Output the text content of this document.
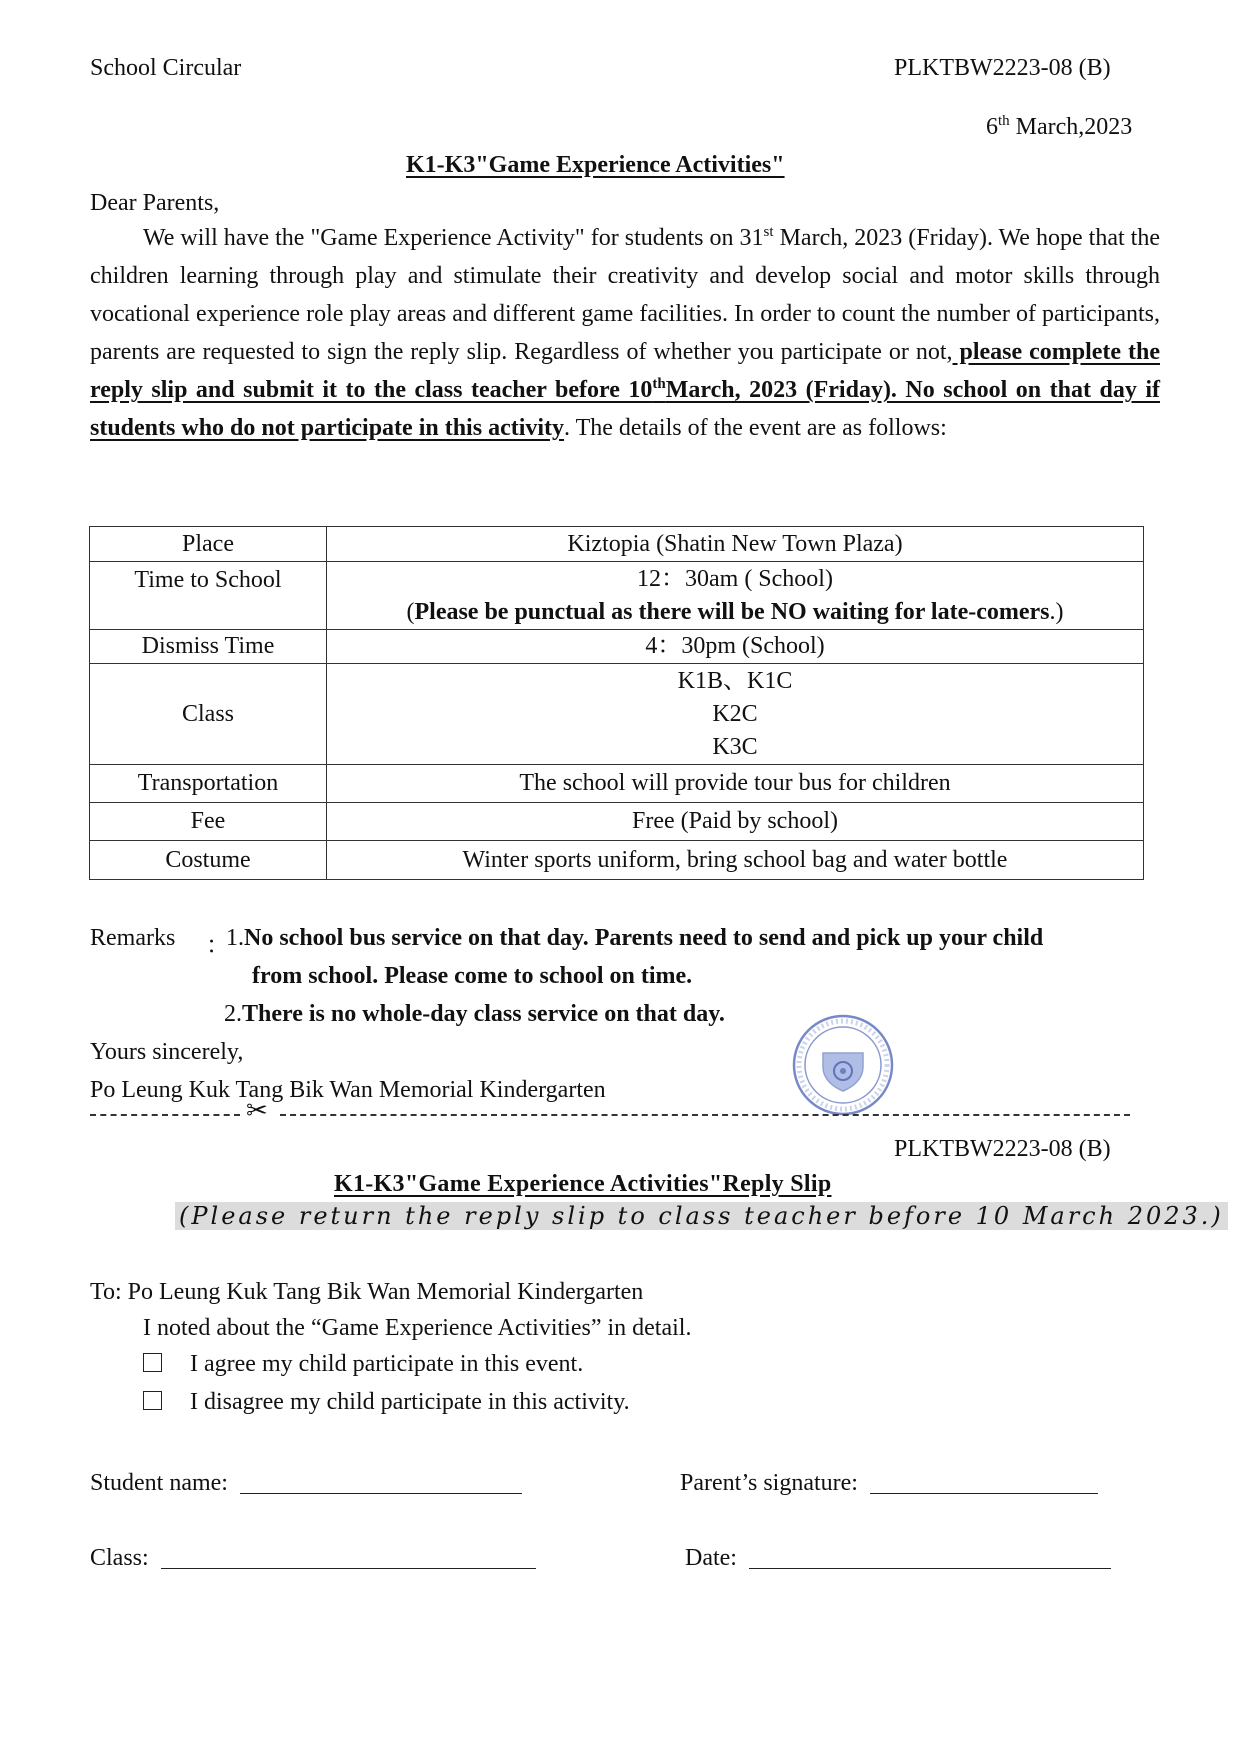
School Circular	PLKTBW2223-08 (B)
6th March,2023
K1-K3"Game Experience Activities"
Dear Parents,
We will have the "Game Experience Activity" for students on 31st March, 2023 (Friday). We hope that the children learning through play and stimulate their creativity and develop social and motor skills through vocational experience role play areas and different game facilities. In order to count the number of participants, parents are requested to sign the reply slip. Regardless of whether you participate or not, please complete the reply slip and submit it to the class teacher before 10thMarch, 2023 (Friday). No school on that day if students who do not participate in this activity. The details of the event are as follows:
Place	Kiztopia (Shatin New Town Plaza)
Time to School	12：30am ( School)
(Please be punctual as there will be NO waiting for late-comers.)

Dismiss Time	4：30pm (School)
Class	K1B、K1C
K2C
K3C

Transportation	The school will provide tour bus for children
Fee	Free (Paid by school)
Costume	Winter sports uniform, bring school bag and water bottle
Remarks ：
1.No school bus service on that day. Parents need to send and pick up your child
from school. Please come to school on time.
2.There is no whole-day class service on that day.
Yours sincerely,
Po Leung Kuk Tang Bik Wan Memorial Kindergarten
✂
PLKTBW2223-08 (B)
K1-K3"Game Experience Activities"Reply Slip
(Please return the reply slip to class teacher before 10 March 2023.)
To: Po Leung Kuk Tang Bik Wan Memorial Kindergarten
I noted about the “Game Experience Activities” in detail.
I agree my child participate in this event.
I disagree my child participate in this activity.
Student name:	Parent’s signature:
Class:	Date:
